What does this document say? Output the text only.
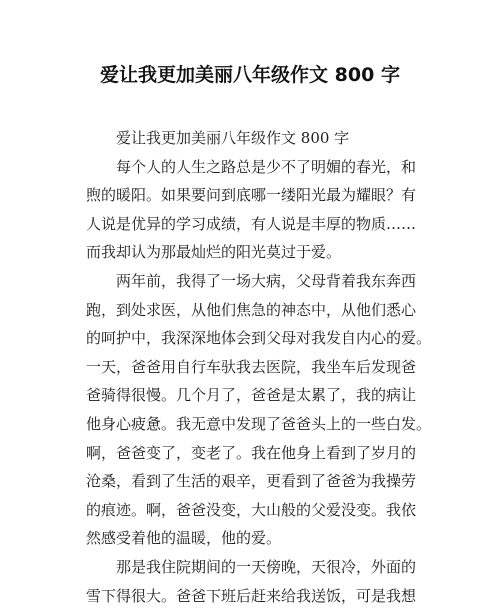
爱让我更加美丽八年级作文 800 字

爱让我更加美丽八年级作文 800 字

每个人的人生之路总是少不了明媚的春光，和
煦的暖阳。如果要问到底哪一缕阳光最为耀眼？有
人说是优异的学习成绩，有人说是丰厚的物质……
而我却认为那最灿烂的阳光莫过于爱。

两年前，我得了一场大病，父母背着我东奔西
跑，到处求医，从他们焦急的神态中，从他们悉心
的呵护中，我深深地体会到父母对我发自内心的爱。
一天，爸爸用自行车驮我去医院，我坐车后发现爸
爸骑得很慢。几个月了，爸爸是太累了，我的病让
他身心疲惫。我无意中发现了爸爸头上的一些白发。
啊，爸爸变了，变老了。我在他身上看到了岁月的
沧桑，看到了生活的艰辛，更看到了爸爸为我操劳
的痕迹。啊，爸爸没变，大山般的父爱没变。我依
然感受着他的温暖，他的爱。

那是我住院期间的一天傍晚，天很冷，外面的
雪下得很大。爸爸下班后赶来给我送饭，可是我想
